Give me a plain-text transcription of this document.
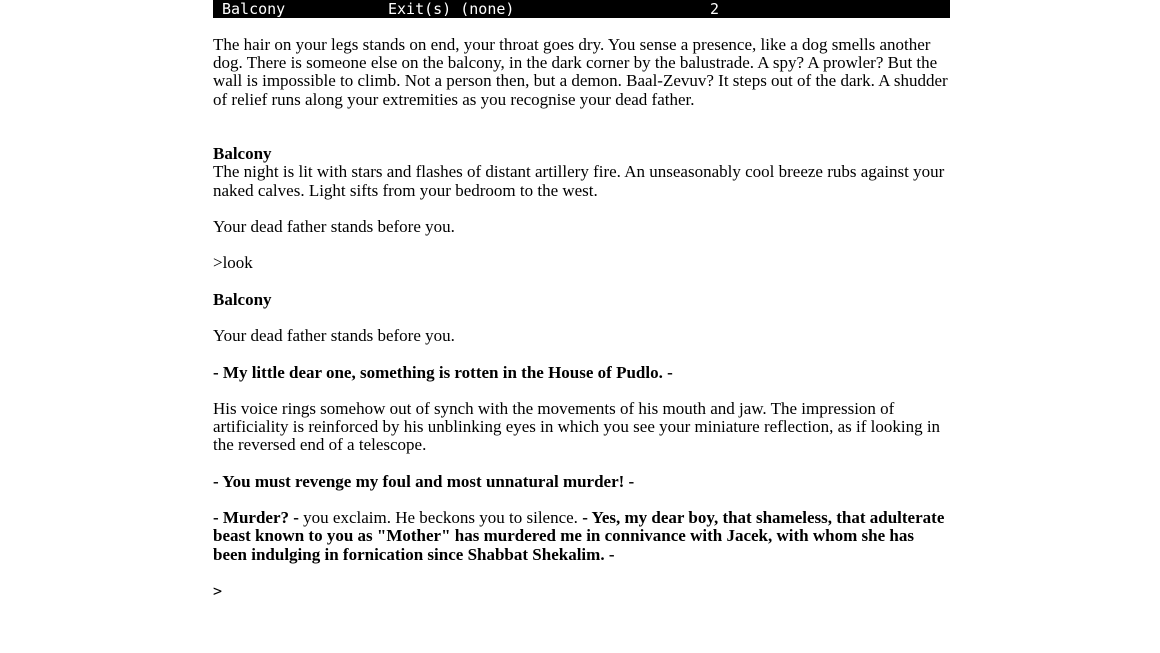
Balcony	Exit(s) (none)	2

The hair on your legs stands on end, your throat goes dry. You sense a presence, like a dog smells another dog. There is someone else on the balcony, in the dark corner by the balustrade. A spy? A prowler? But the wall is impossible to climb. Not a person then, but a demon. Baal-Zevuv? It steps out of the dark. A shudder of relief runs along your extremities as you recognise your dead father.

Balcony

The night is lit with stars and flashes of distant artillery fire. An unseasonably cool breeze rubs against your naked calves. Light sifts from your bedroom to the west.

Your dead father stands before you.

>look

Balcony

Your dead father stands before you.

- My little dear one, something is rotten in the House of Pudlo. -

His voice rings somehow out of synch with the movements of his mouth and jaw. The impression of artificiality is reinforced by his unblinking eyes in which you see your miniature reflection, as if looking in the reversed end of a telescope.

- You must revenge my foul and most unnatural murder! -

- Murder? - you exclaim. He beckons you to silence. - Yes, my dear boy, that shameless, that adulterate beast known to you as "Mother" has murdered me in connivance with Jacek, with whom she has been indulging in fornication since Shabbat Shekalim. -

>
